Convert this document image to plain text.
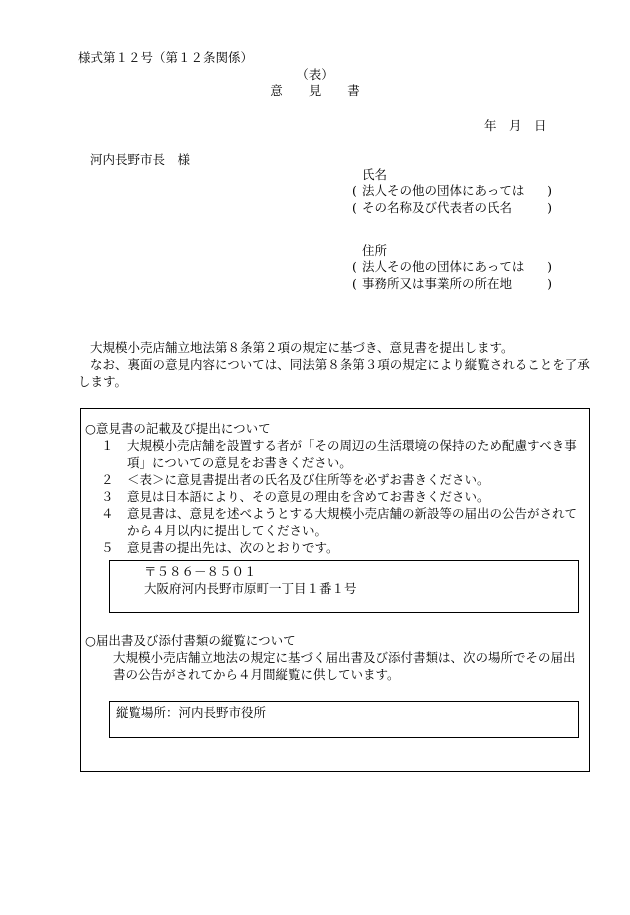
様式第１２号（第１２条関係）
（表）
意見書
年　月　日
河内長野市長　様
氏名
( 法人その他の団体にあっては )
( その名称及び代表者の氏名 )
住所
( 法人その他の団体にあっては )
( 事務所又は事業所の所在地 )

大規模小売店舗立地法第８条第２項の規定に基づき、意見書を提出します。

なお、裏面の意見内容については、同法第８条第３項の規定により縦覧されることを了承します。

○意見書の記載及び提出について
１ 大規模小売店舗を設置する者が「その周辺の生活環境の保持のため配慮すべき事項」についての意見をお書きください。
２ ＜表＞に意見書提出者の氏名及び住所等を必ずお書きください。
３ 意見は日本語により、その意見の理由を含めてお書きください。
４ 意見書は、意見を述べようとする大規模小売店舗の新設等の届出の公告がされてから４月以内に提出してください。
５ 意見書の提出先は、次のとおりです。
〒５８６－８５０１
大阪府河内長野市原町一丁目１番１号
○届出書及び添付書類の縦覧について
大規模小売店舗立地法の規定に基づく届出書及び添付書類は、次の場所でその届出書の公告がされてから４月間縦覧に供しています。
縦覧場所：河内長野市役所
